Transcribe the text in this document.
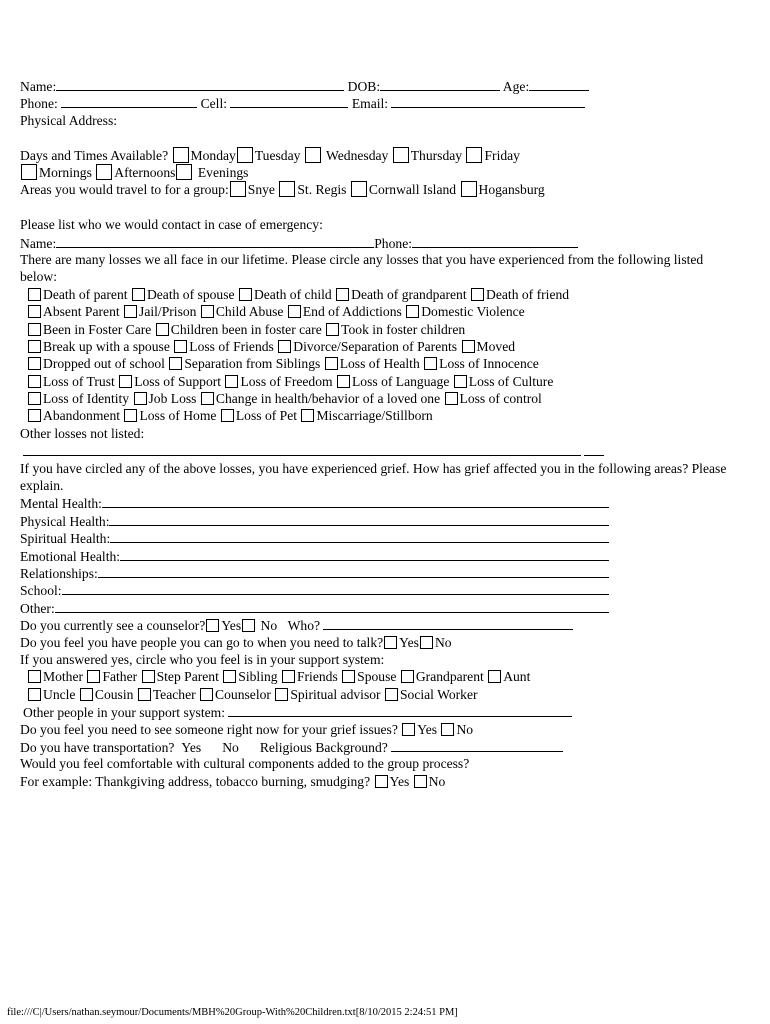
Name:	DOB:	Age:
Phone:	Cell:	Email:
Physical Address:
Days and Times Available? Monday Tuesday Wednesday Thursday Friday
Mornings Afternoons Evenings
Areas you would travel to for a group: Snye St. Regis Cornwall Island Hogansburg
Please list who we would contact in case of emergency:
Name:	Phone:
There are many losses we all face in our lifetime. Please circle any losses that you have experienced from the following listed below:
Death of parent Death of spouse Death of child Death of grandparent Death of friend
Absent Parent Jail/Prison Child Abuse End of Addictions Domestic Violence
Been in Foster Care Children been in foster care Took in foster children
Break up with a spouse Loss of Friends Divorce/Separation of Parents Moved
Dropped out of school Separation from Siblings Loss of Health Loss of Innocence
Loss of Trust Loss of Support Loss of Freedom Loss of Language Loss of Culture
Loss of Identity Job Loss Change in health/behavior of a loved one Loss of control
Abandonment Loss of Home Loss of Pet Miscarriage/Stillborn
Other losses not listed:

If you have circled any of the above losses, you have experienced grief. How has grief affected you in the following areas? Please explain.
Mental Health:
Physical Health:
Spiritual Health:
Emotional Health:
Relationships:
School:
Other:
Do you currently see a counselor? Yes No Who?
Do you feel you have people you can go to when you need to talk? Yes No
If you answered yes, circle who you feel is in your support system:
Mother Father Step Parent Sibling Friends Spouse Grandparent Aunt
Uncle Cousin Teacher Counselor Spiritual advisor Social Worker
Other people in your support system:
Do you feel you need to see someone right now for your grief issues? Yes No
Do you have transportation? Yes No Religious Background?
Would you feel comfortable with cultural components added to the group process?
For example: Thankgiving address, tobacco burning, smudging? Yes No
file:///C|/Users/nathan.seymour/Documents/MBH%20Group-With%20Children.txt[8/10/2015 2:24:51 PM]
